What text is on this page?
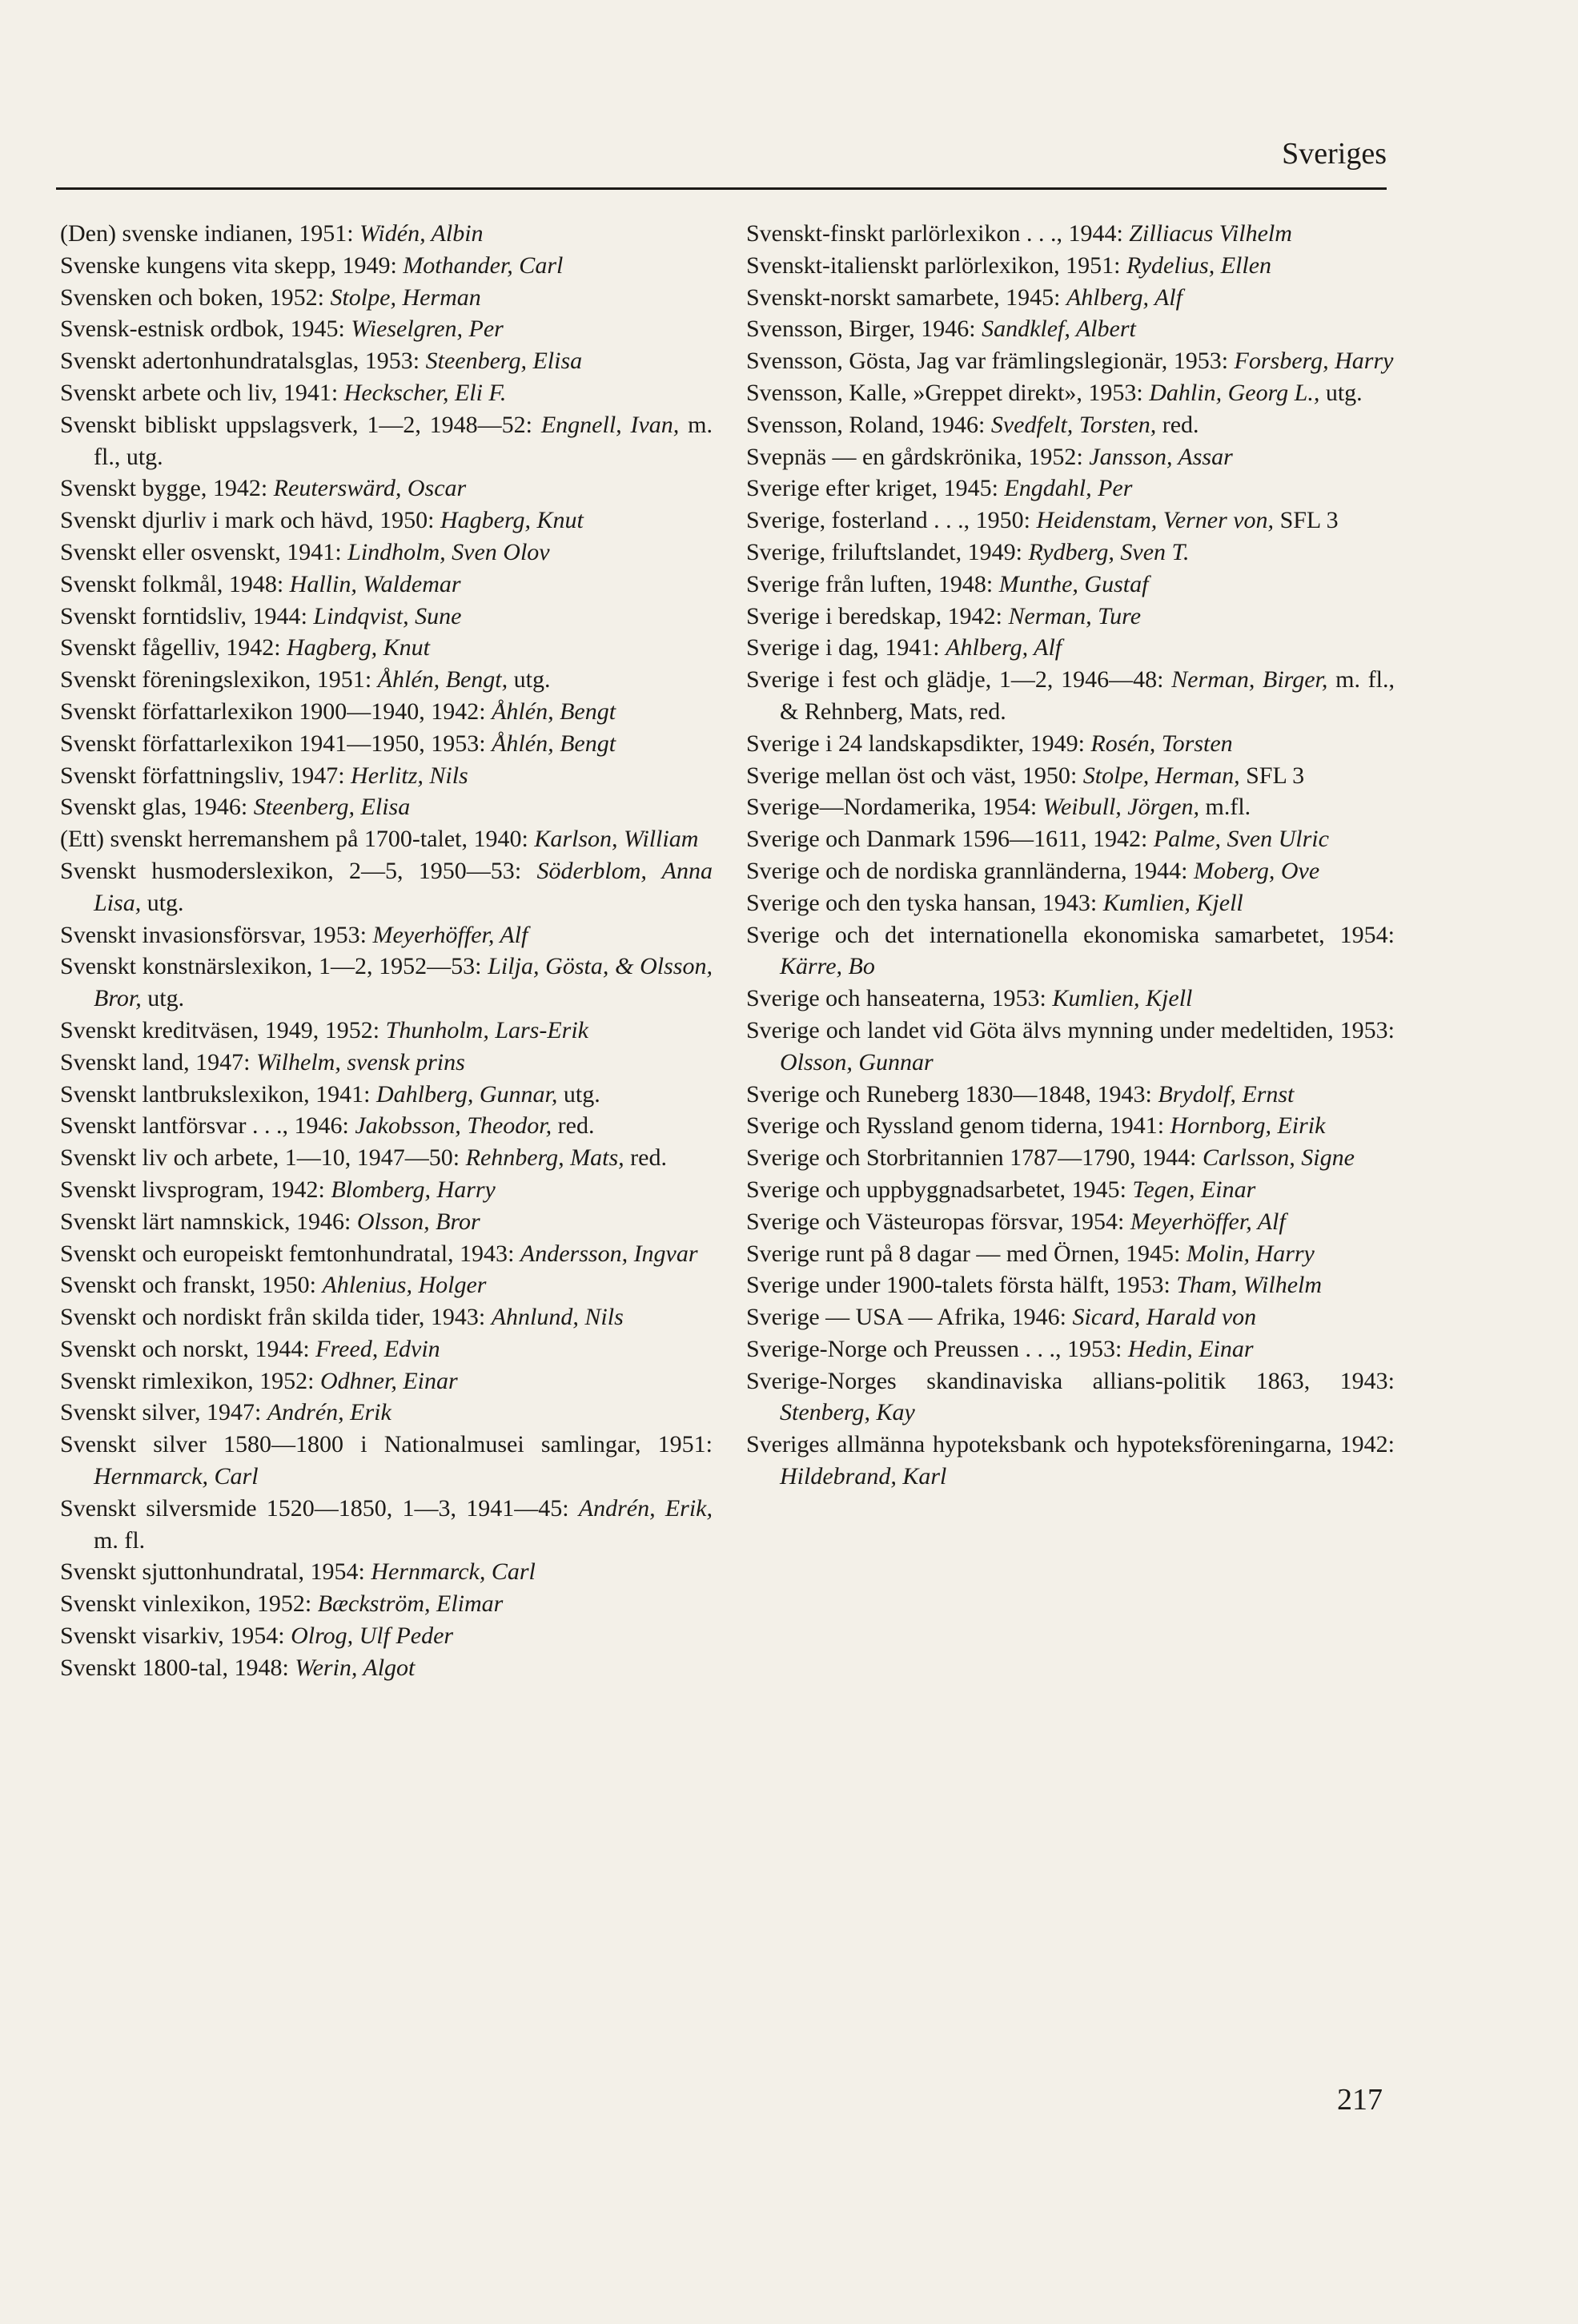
Sveriges
(Den) svenske indianen, 1951: Widén, Albin
Svenske kungens vita skepp, 1949: Mothander, Carl
Svensken och boken, 1952: Stolpe, Herman
Svensk-estnisk ordbok, 1945: Wieselgren, Per
Svenskt adertonhundratalsglas, 1953: Steenberg, Elisa
Svenskt arbete och liv, 1941: Heckscher, Eli F.
Svenskt bibliskt uppslagsverk, 1—2, 1948—52: Engnell, Ivan, m. fl., utg.
Svenskt bygge, 1942: Reuterswärd, Oscar
Svenskt djurliv i mark och hävd, 1950: Hagberg, Knut
Svenskt eller osvenskt, 1941: Lindholm, Sven Olov
Svenskt folkmål, 1948: Hallin, Waldemar
Svenskt forntidsliv, 1944: Lindqvist, Sune
Svenskt fågelliv, 1942: Hagberg, Knut
Svenskt föreningslexikon, 1951: Åhlén, Bengt, utg.
Svenskt författarlexikon 1900—1940, 1942: Åhlén, Bengt
Svenskt författarlexikon 1941—1950, 1953: Åhlén, Bengt
Svenskt författningsliv, 1947: Herlitz, Nils
Svenskt glas, 1946: Steenberg, Elisa
(Ett) svenskt herremanshem på 1700-talet, 1940: Karlson, William
Svenskt husmoderslexikon, 2—5, 1950—53: Söderblom, Anna Lisa, utg.
Svenskt invasionsförsvar, 1953: Meyerhöffer, Alf
Svenskt konstnärslexikon, 1—2, 1952—53: Lilja, Gösta, & Olsson, Bror, utg.
Svenskt kreditväsen, 1949, 1952: Thunholm, Lars-Erik
Svenskt land, 1947: Wilhelm, svensk prins
Svenskt lantbrukslexikon, 1941: Dahlberg, Gunnar, utg.
Svenskt lantförsvar . . ., 1946: Jakobsson, Theodor, red.
Svenskt liv och arbete, 1—10, 1947—50: Rehnberg, Mats, red.
Svenskt livsprogram, 1942: Blomberg, Harry
Svenskt lärt namnskick, 1946: Olsson, Bror
Svenskt och europeiskt femtonhundratal, 1943: Andersson, Ingvar
Svenskt och franskt, 1950: Ahlenius, Holger
Svenskt och nordiskt från skilda tider, 1943: Ahnlund, Nils
Svenskt och norskt, 1944: Freed, Edvin
Svenskt rimlexikon, 1952: Odhner, Einar
Svenskt silver, 1947: Andrén, Erik
Svenskt silver 1580—1800 i Nationalmusei samlingar, 1951: Hernmarck, Carl
Svenskt silversmide 1520—1850, 1—3, 1941—45: Andrén, Erik, m. fl.
Svenskt sjuttonhundratal, 1954: Hernmarck, Carl
Svenskt vinlexikon, 1952: Bæckström, Elimar
Svenskt visarkiv, 1954: Olrog, Ulf Peder
Svenskt 1800-tal, 1948: Werin, Algot
Svenskt-finskt parlörlexikon . . ., 1944: Zilliacus Vilhelm
Svenskt-italienskt parlörlexikon, 1951: Rydelius, Ellen
Svenskt-norskt samarbete, 1945: Ahlberg, Alf
Svensson, Birger, 1946: Sandklef, Albert
Svensson, Gösta, Jag var främlingslegionär, 1953: Forsberg, Harry
Svensson, Kalle, »Greppet direkt», 1953: Dahlin, Georg L., utg.
Svensson, Roland, 1946: Svedfelt, Torsten, red.
Svepnäs — en gårdskrönika, 1952: Jansson, Assar
Sverige efter kriget, 1945: Engdahl, Per
Sverige, fosterland . . ., 1950: Heidenstam, Verner von, SFL 3
Sverige, friluftslandet, 1949: Rydberg, Sven T.
Sverige från luften, 1948: Munthe, Gustaf
Sverige i beredskap, 1942: Nerman, Ture
Sverige i dag, 1941: Ahlberg, Alf
Sverige i fest och glädje, 1—2, 1946—48: Nerman, Birger, m. fl., & Rehnberg, Mats, red.
Sverige i 24 landskapsdikter, 1949: Rosén, Torsten
Sverige mellan öst och väst, 1950: Stolpe, Herman, SFL 3
Sverige—Nordamerika, 1954: Weibull, Jörgen, m.fl.
Sverige och Danmark 1596—1611, 1942: Palme, Sven Ulric
Sverige och de nordiska grannländerna, 1944: Moberg, Ove
Sverige och den tyska hansan, 1943: Kumlien, Kjell
Sverige och det internationella ekonomiska samarbetet, 1954: Kärre, Bo
Sverige och hanseaterna, 1953: Kumlien, Kjell
Sverige och landet vid Göta älvs mynning under medeltiden, 1953: Olsson, Gunnar
Sverige och Runeberg 1830—1848, 1943: Brydolf, Ernst
Sverige och Ryssland genom tiderna, 1941: Hornborg, Eirik
Sverige och Storbritannien 1787—1790, 1944: Carlsson, Signe
Sverige och uppbyggnadsarbetet, 1945: Tegen, Einar
Sverige och Västeuropas försvar, 1954: Meyerhöffer, Alf
Sverige runt på 8 dagar — med Örnen, 1945: Molin, Harry
Sverige under 1900-talets första hälft, 1953: Tham, Wilhelm
Sverige — USA — Afrika, 1946: Sicard, Harald von
Sverige-Norge och Preussen . . ., 1953: Hedin, Einar
Sverige-Norges skandinaviska allians-politik 1863, 1943: Stenberg, Kay
Sveriges allmänna hypoteksbank och hypoteksföreningarna, 1942: Hildebrand, Karl
217
